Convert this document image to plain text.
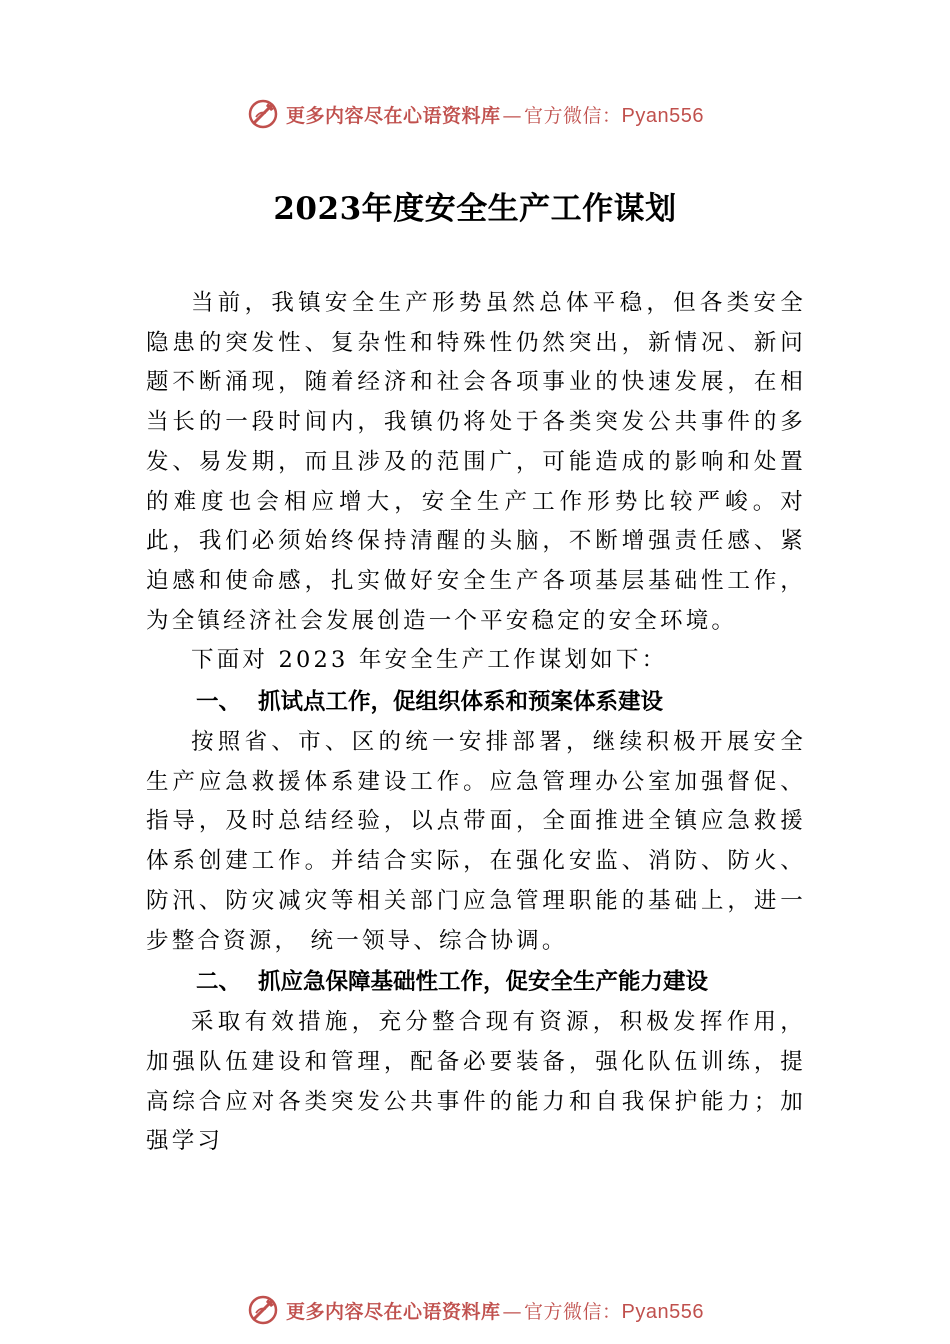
更多内容尽在心语资料库 — 官方微信：Pyan556
2023年度安全生产工作谋划

当前，我镇安全生产形势虽然总体平稳，但各类安全隐患的突发性、复杂性和特殊性仍然突出，新情况、新问题不断涌现，随着经济和社会各项事业的快速发展，在相当长的一段时间内，我镇仍将处于各类突发公共事件的多发、易发期，而且涉及的范围广，可能造成的影响和处置的难度也会相应增大，安全生产工作形势比较严峻。对此，我们必须始终保持清醒的头脑，不断增强责任感、紧迫感和使命感，扎实做好安全生产各项基层基础性工作，为全镇经济社会发展创造一个平安稳定的安全环境。

下面对 2023 年安全生产工作谋划如下：

一、 抓试点工作，促组织体系和预案体系建设

按照省、市、区的统一安排部署，继续积极开展安全生产应急救援体系建设工作。应急管理办公室加强督促、指导，及时总结经验，以点带面，全面推进全镇应急救援体系创建工作。并结合实际，在强化安监、消防、防火、防汛、防灾减灾等相关部门应急管理职能的基础上，进一步整合资源， 统一领导、综合协调。

二、 抓应急保障基础性工作，促安全生产能力建设

采取有效措施，充分整合现有资源，积极发挥作用，加强队伍建设和管理，配备必要装备，强化队伍训练，提高综合应对各类突发公共事件的能力和自我保护能力；加强学习

更多内容尽在心语资料库 — 官方微信：Pyan556
